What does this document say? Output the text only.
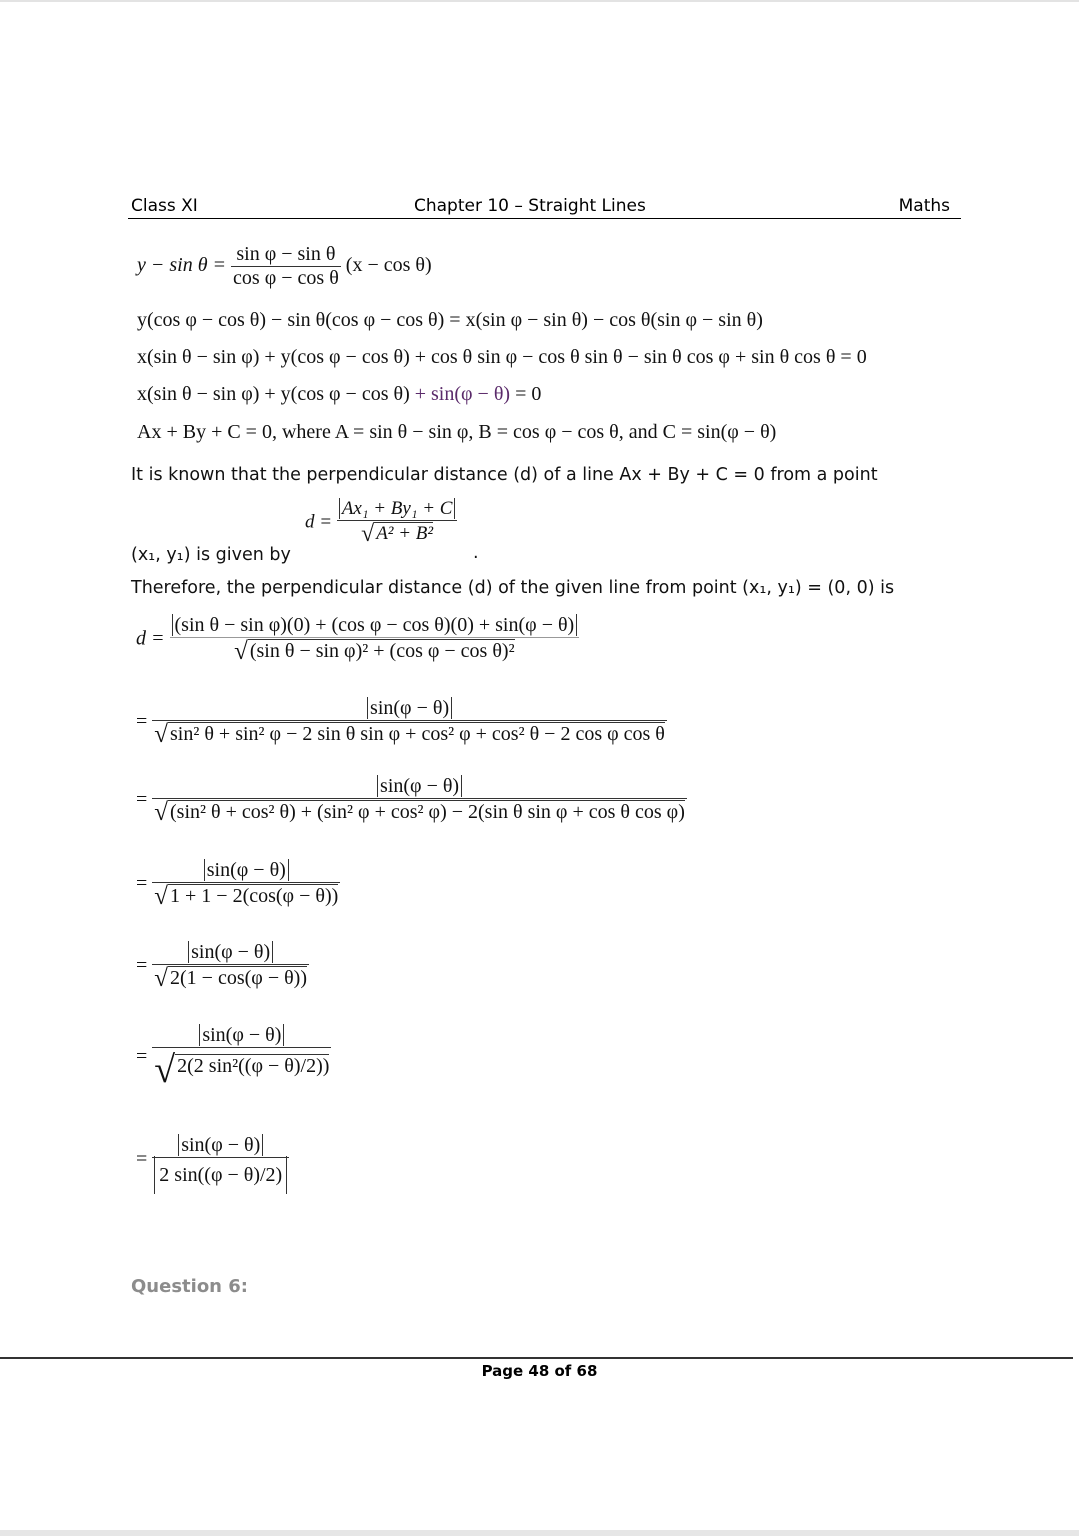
Class XI	Chapter 10 – Straight Lines	Maths
$y - \sin \theta = \frac{\text{sin φ − sin θ}}{\text{cos φ − cos θ}} (x - \cos \theta)$
y(cos φ − cos θ) − sin θ(cos φ − cos θ) = x(sin φ − sin θ) − cos θ(sin φ − sin θ)
x(sin θ − sin φ) + y(cos φ − cos θ) + cos θ sin φ − cos θ sin θ − sin θ cos φ + sin θ cos θ = 0
x(sin θ − sin φ) + y(cos φ − cos θ) + sin(φ − θ) = 0
Ax + By + C = 0, where A = sin θ − sin φ, B = cos φ − cos θ, and C = sin(φ − θ)
It is known that the perpendicular distance (d) of a line Ax + By + C = 0 from a point
$d = \frac{\text{Ax₁ + By₁ + C}}{\text{√ A² + B²}}$
(x₁, y₁) is given by	.
Therefore, the perpendicular distance (d) of the given line from point (x₁, y₁) = (0, 0) is
$d = \frac{\text{(sin θ − sin φ)(0) + (cos φ − cos θ)(0) + sin(φ − θ)}}{\text{√ (sin θ − sin φ)² + (cos φ − cos θ)²}}$
=
sin(φ − θ)
√ sin² θ + sin² φ − 2 sin θ sin φ + cos² φ + cos² θ − 2 cos φ cos θ
=
sin(φ − θ)
√ (sin² θ + cos² θ) + (sin² φ + cos² φ) − 2(sin θ sin φ + cos θ cos φ)
= $\frac{\sin(\varphi - \theta)}{√ 1 + 1 - 2(\cos(\varphi - \theta))}$
= $\frac{\sin(\varphi - \theta)}{√ 2(1 - \cos(\varphi - \theta))}$
= $\frac{\sin(\varphi - \theta)}{\text{√ 2(2 sin²((φ − θ)/2))}}$
= $\frac{\sin(\varphi - \theta)}{2 \sin((\varphi - \theta)/2)}$
Question 6:
Page 48 of 68
